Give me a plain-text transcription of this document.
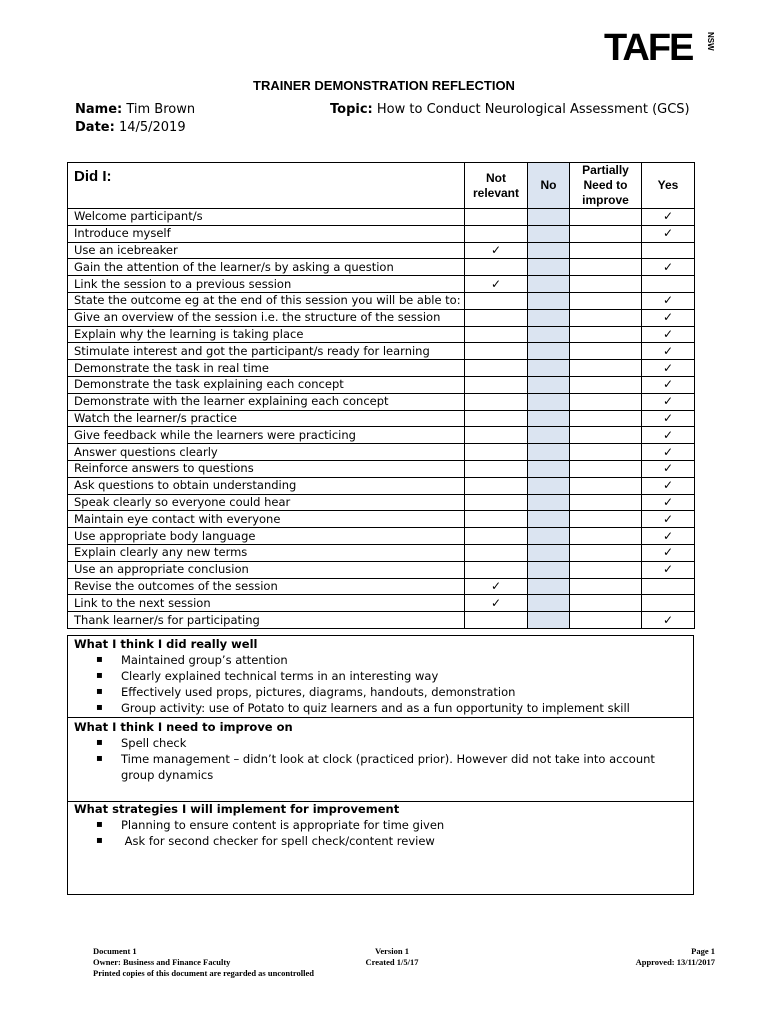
TAFE NSW
TRAINER DEMONSTRATION REFLECTION
Name: Tim Brown	Topic: How to Conduct Neurological Assessment (GCS)
Date: 14/5/2019
Did I:	Not relevant	No	Partially Need to improve	Yes
Welcome participant/s				✓
Introduce myself				✓
Use an icebreaker	✓			
Gain the attention of the learner/s by asking a question				✓
Link the session to a previous session	✓			
State the outcome eg at the end of this session you will be able to:				✓
Give an overview of the session i.e. the structure of the session				✓
Explain why the learning is taking place				✓
Stimulate interest and got the participant/s ready for learning				✓
Demonstrate the task in real time				✓
Demonstrate the task explaining each concept				✓
Demonstrate with the learner explaining each concept				✓
Watch the learner/s practice				✓
Give feedback while the learners were practicing				✓
Answer questions clearly				✓
Reinforce answers to questions				✓
Ask questions to obtain understanding				✓
Speak clearly so everyone could hear				✓
Maintain eye contact with everyone				✓
Use appropriate body language				✓
Explain clearly any new terms				✓
Use an appropriate conclusion				✓
Revise the outcomes of the session	✓			
Link to the next session	✓			
Thank learner/s for participating				✓
What I think I did really well
▪ Maintained group’s attention
▪ Clearly explained technical terms in an interesting way
▪ Effectively used props, pictures, diagrams, handouts, demonstration
▪ Group activity: use of Potato to quiz learners and as a fun opportunity to implement skill
What I think I need to improve on
▪ Spell check
▪ Time management – didn’t look at clock (practiced prior). However did not take into account
group dynamics
What strategies I will implement for improvement
▪ Planning to ensure content is appropriate for time given
▪  Ask for second checker for spell check/content review
Document 1
Owner: Business and Finance Faculty
Printed copies of this document are regarded as uncontrolled
Version 1
Created 1/5/17
Page 1
Approved: 13/11/2017
